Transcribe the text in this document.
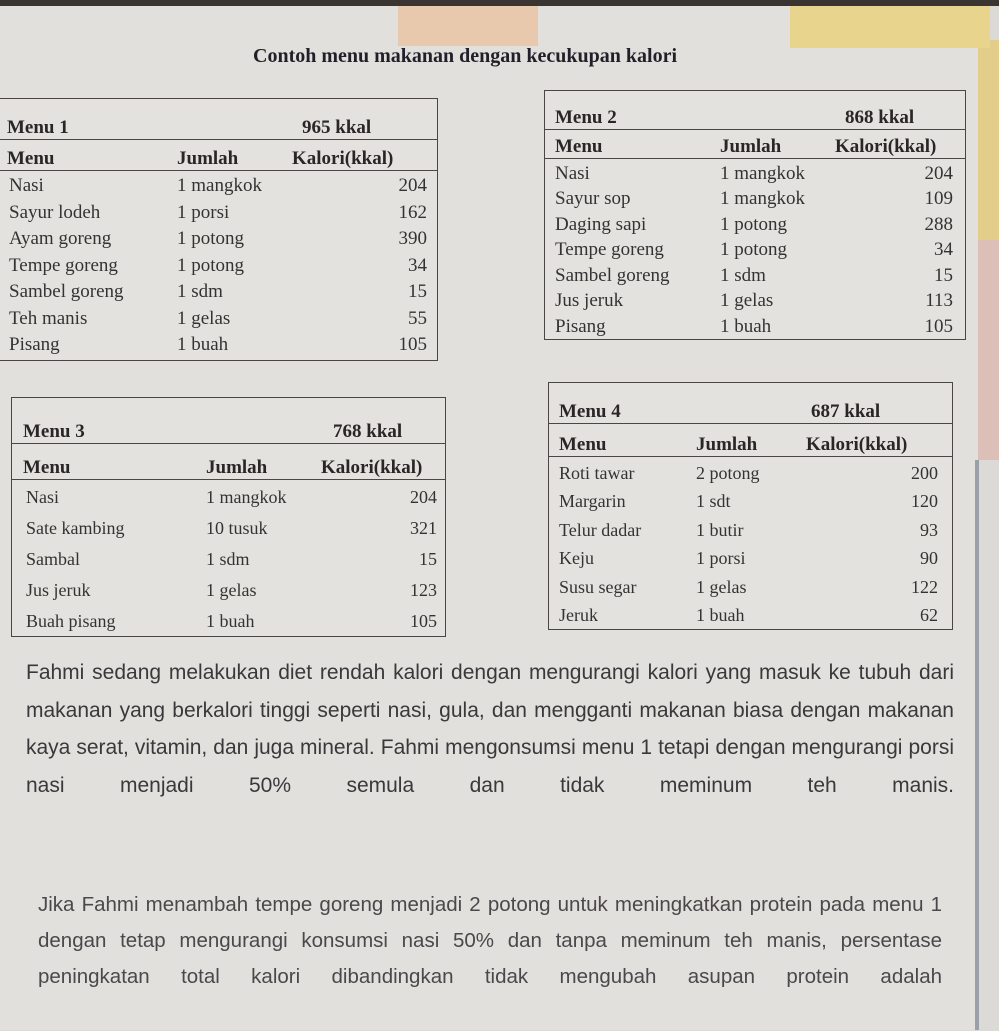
Contoh menu makanan dengan kecukupan kalori
Menu 1	965 kkal
Menu	Jumlah	Kalori(kkal)
Nasi	1 mangkok	204
Sayur lodeh	1 porsi	162
Ayam goreng	1 potong	390
Tempe goreng	1 potong	34
Sambel goreng	1 sdm	15
Teh manis	1 gelas	55
Pisang	1 buah	105
Menu 2	868 kkal
Menu	Jumlah	Kalori(kkal)
Nasi	1 mangkok	204
Sayur sop	1 mangkok	109
Daging sapi	1 potong	288
Tempe goreng	1 potong	34
Sambel goreng	1 sdm	15
Jus jeruk	1 gelas	113
Pisang	1 buah	105
Menu 3	768 kkal
Menu	Jumlah	Kalori(kkal)
Nasi	1 mangkok	204
Sate kambing	10 tusuk	321
Sambal	1 sdm	15
Jus jeruk	1 gelas	123
Buah pisang	1 buah	105
Menu 4	687 kkal
Menu	Jumlah	Kalori(kkal)
Roti tawar	2 potong	200
Margarin	1 sdt	120
Telur dadar	1 butir	93
Keju	1 porsi	90
Susu segar	1 gelas	122
Jeruk	1 buah	62

Fahmi sedang melakukan diet rendah kalori dengan mengurangi kalori yang masuk ke tubuh dari makanan yang berkalori tinggi seperti nasi, gula, dan mengganti makanan biasa dengan makanan kaya serat, vitamin, dan juga mineral. Fahmi mengonsumsi menu 1 tetapi dengan mengurangi porsi nasi menjadi 50% semula dan tidak meminum teh manis.

Jika Fahmi menambah tempe goreng menjadi 2 potong untuk meningkatkan protein pada menu 1 dengan tetap mengurangi konsumsi nasi 50% dan tanpa meminum teh manis, persentase peningkatan total kalori dibandingkan tidak mengubah asupan protein adalah
